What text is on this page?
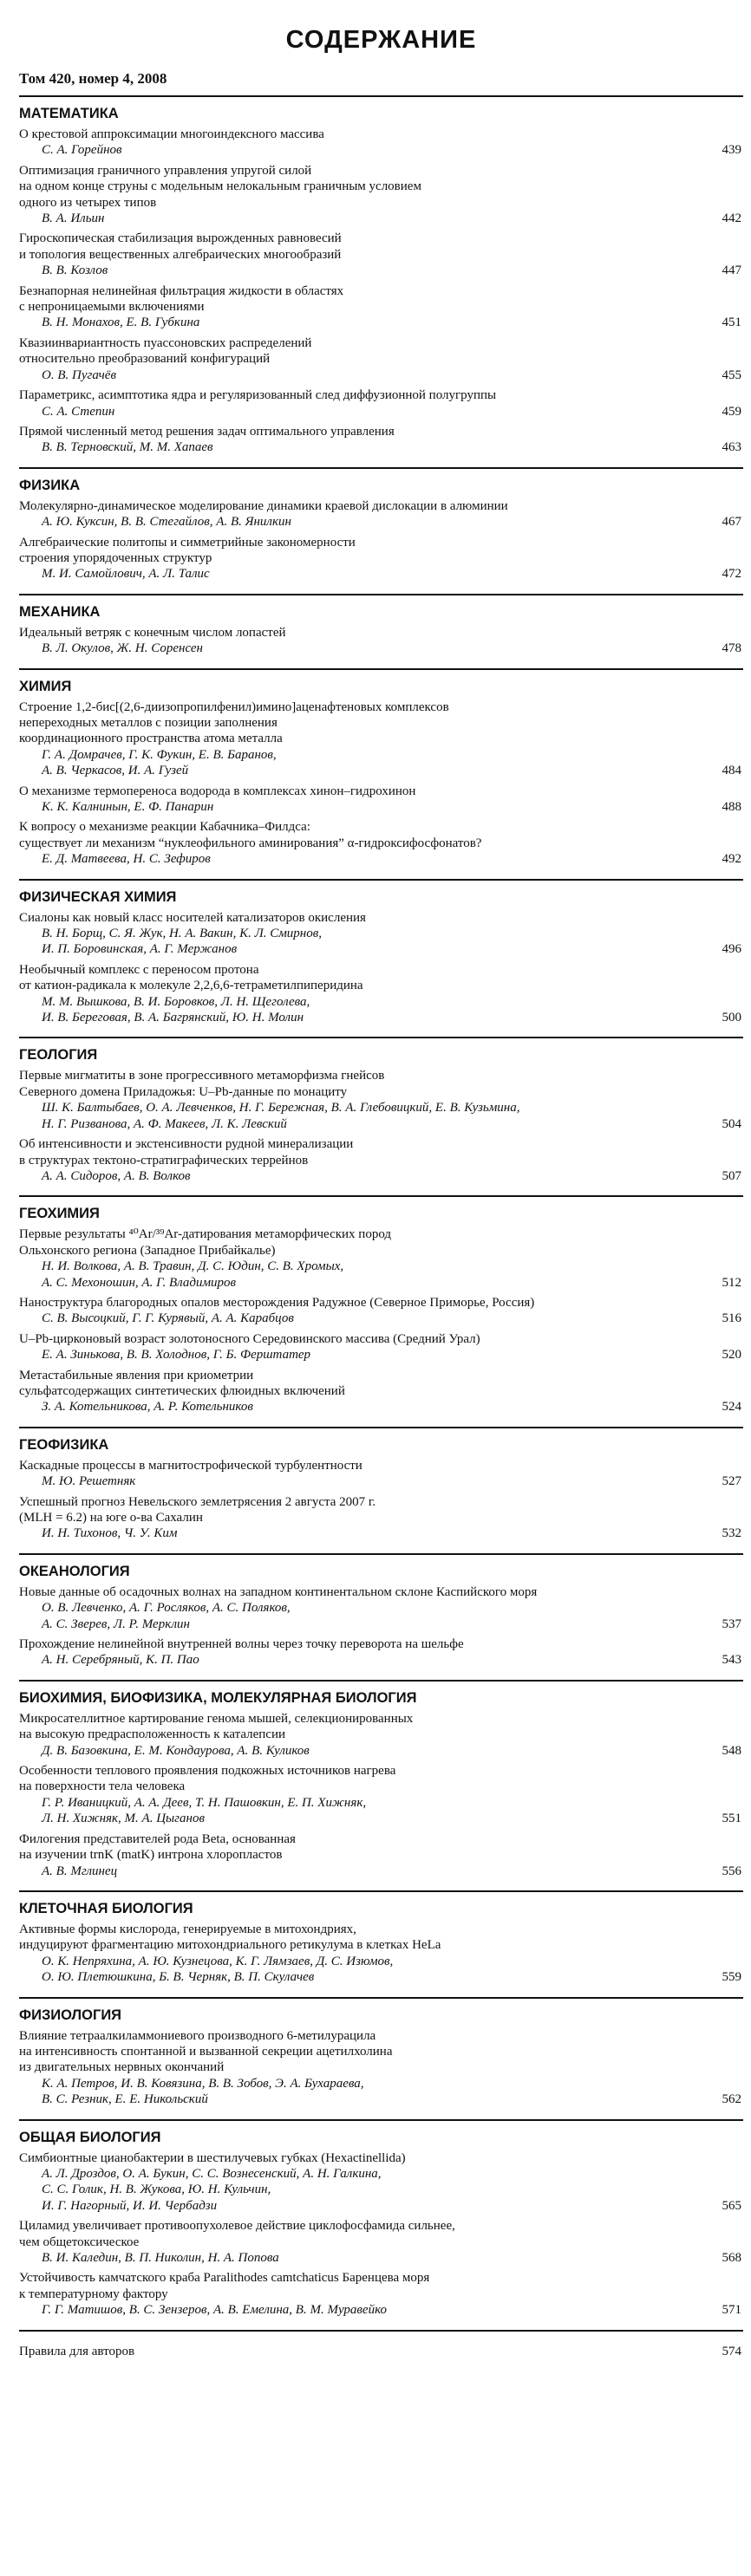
СОДЕРЖАНИЕ
Том 420, номер 4, 2008
МАТЕМАТИКА
О крестовой аппроксимации многоиндексного массива
С. А. Горейнов	439
Оптимизация граничного управления упругой силой
на одном конце струны с модельным нелокальным граничным условием
одного из четырех типов
В. А. Ильин	442
Гироскопическая стабилизация вырожденных равновесий
и топология вещественных алгебраических многообразий
В. В. Козлов	447
Безнапорная нелинейная фильтрация жидкости в областях
с непроницаемыми включениями
В. Н. Монахов, Е. В. Губкина	451
Квазиинвариантность пуассоновских распределений
относительно преобразований конфигураций
О. В. Пугачёв	455
Параметрикс, асимптотика ядра и регуляризованный след диффузионной полугруппы
С. А. Степин	459
Прямой численный метод решения задач оптимального управления
В. В. Терновский, М. М. Хапаев	463
ФИЗИКА
Молекулярно-динамическое моделирование динамики краевой дислокации в алюминии
А. Ю. Куксин, В. В. Стегайлов, А. В. Янилкин	467
Алгебраические политопы и симметрийные закономерности
строения упорядоченных структур
М. И. Самойлович, А. Л. Талис	472
МЕХАНИКА
Идеальный ветряк с конечным числом лопастей
В. Л. Окулов, Ж. Н. Соренсен	478
ХИМИЯ
Строение 1,2-бис[(2,6-диизопропилфенил)имино]аценафтеновых комплексов
непереходных металлов с позиции заполнения
координационного пространства атома металла
Г. А. Домрачев, Г. К. Фукин, Е. В. Баранов,
А. В. Черкасов, И. А. Гузей	484
О механизме термопереноса водорода в комплексах хинон–гидрохинон
К. К. Калнинын, Е. Ф. Панарин	488
К вопросу о механизме реакции Кабачника–Филдса:
существует ли механизм “нуклеофильного аминирования” α-гидроксифосфонатов?
Е. Д. Матвеева, Н. С. Зефиров	492
ФИЗИЧЕСКАЯ ХИМИЯ
Сиалоны как новый класс носителей катализаторов окисления
В. Н. Борщ, С. Я. Жук, Н. А. Вакин, К. Л. Смирнов,
И. П. Боровинская, А. Г. Мержанов	496
Необычный комплекс с переносом протона
от катион-радикала к молекуле 2,2,6,6-тетраметилпиперидина
М. М. Вышкова, В. И. Боровков, Л. Н. Щеголева,
И. В. Береговая, В. А. Багрянский, Ю. Н. Молин	500
ГЕОЛОГИЯ
Первые мигматиты в зоне прогрессивного метаморфизма гнейсов
Северного домена Приладожья: U–Pb-данные по монациту
Ш. К. Балтыбаев, О. А. Левченков, Н. Г. Бережная, В. А. Глебовицкий, Е. В. Кузьмина,
Н. Г. Ризванова, А. Ф. Макеев, Л. К. Левский	504
Об интенсивности и экстенсивности рудной минерализации
в структурах тектоно-стратиграфических террейнов
А. А. Сидоров, А. В. Волков	507
ГЕОХИМИЯ
Первые результаты ⁴⁰Ar/³⁹Ar-датирования метаморфических пород
Ольхонского региона (Западное Прибайкалье)
Н. И. Волкова, А. В. Травин, Д. С. Юдин, С. В. Хромых,
А. С. Мехоношин, А. Г. Владимиров	512
Наноструктура благородных опалов месторождения Радужное (Северное Приморье, Россия)
С. В. Высоцкий, Г. Г. Курявый, А. А. Карабцов	516
U–Pb-цирконовый возраст золотоносного Середовинского массива (Средний Урал)
Е. А. Зинькова, В. В. Холоднов, Г. Б. Ферштатер	520
Метастабильные явления при криометрии
сульфатсодержащих синтетических флюидных включений
З. А. Котельникова, А. Р. Котельников	524
ГЕОФИЗИКА
Каскадные процессы в магнитострофической турбулентности
М. Ю. Решетняк	527
Успешный прогноз Невельского землетрясения 2 августа 2007 г.
(MLH = 6.2) на юге о-ва Сахалин
И. Н. Тихонов, Ч. У. Ким	532
ОКЕАНОЛОГИЯ
Новые данные об осадочных волнах на западном континентальном склоне Каспийского моря
О. В. Левченко, А. Г. Росляков, А. С. Поляков,
А. С. Зверев, Л. Р. Мерклин	537
Прохождение нелинейной внутренней волны через точку переворота на шельфе
А. Н. Серебряный, К. П. Пао	543
БИОХИМИЯ, БИОФИЗИКА, МОЛЕКУЛЯРНАЯ БИОЛОГИЯ
Микросателлитное картирование генома мышей, селекционированных
на высокую предрасположенность к каталепсии
Д. В. Базовкина, Е. М. Кондаурова, А. В. Куликов	548
Особенности теплового проявления подкожных источников нагрева
на поверхности тела человека
Г. Р. Иваницкий, А. А. Деев, Т. Н. Пашовкин, Е. П. Хижняк,
Л. Н. Хижняк, М. А. Цыганов	551
Филогения представителей рода Beta, основанная
на изучении trnK (matK) интрона хлоропластов
А. В. Мглинец	556
КЛЕТОЧНАЯ БИОЛОГИЯ
Активные формы кислорода, генерируемые в митохондриях,
индуцируют фрагментацию митохондриального ретикулума в клетках HeLa
О. К. Непряхина, А. Ю. Кузнецова, К. Г. Лямзаев, Д. С. Изюмов,
О. Ю. Плетюшкина, Б. В. Черняк, В. П. Скулачев	559
ФИЗИОЛОГИЯ
Влияние тетраалкиламмониевого производного 6-метилурацила
на интенсивность спонтанной и вызванной секреции ацетилхолина
из двигательных нервных окончаний
К. А. Петров, И. В. Ковязина, В. В. Зобов, Э. А. Бухараева,
В. С. Резник, Е. Е. Никольский	562
ОБЩАЯ БИОЛОГИЯ
Симбионтные цианобактерии в шестилучевых губках (Hexactinellida)
А. Л. Дроздов, О. А. Букин, С. С. Вознесенский, А. Н. Галкина,
С. С. Голик, Н. В. Жукова, Ю. Н. Кульчин,
И. Г. Нагорный, И. И. Чербадзи	565
Циламид увеличивает противоопухолевое действие циклофосфамида сильнее,
чем общетоксическое
В. И. Каледин, В. П. Николин, Н. А. Попова	568
Устойчивость камчатского краба Paralithodes camtchaticus Баренцева моря
к температурному фактору
Г. Г. Матишов, В. С. Зензеров, А. В. Емелина, В. М. Муравейко	571
Правила для авторов	574
